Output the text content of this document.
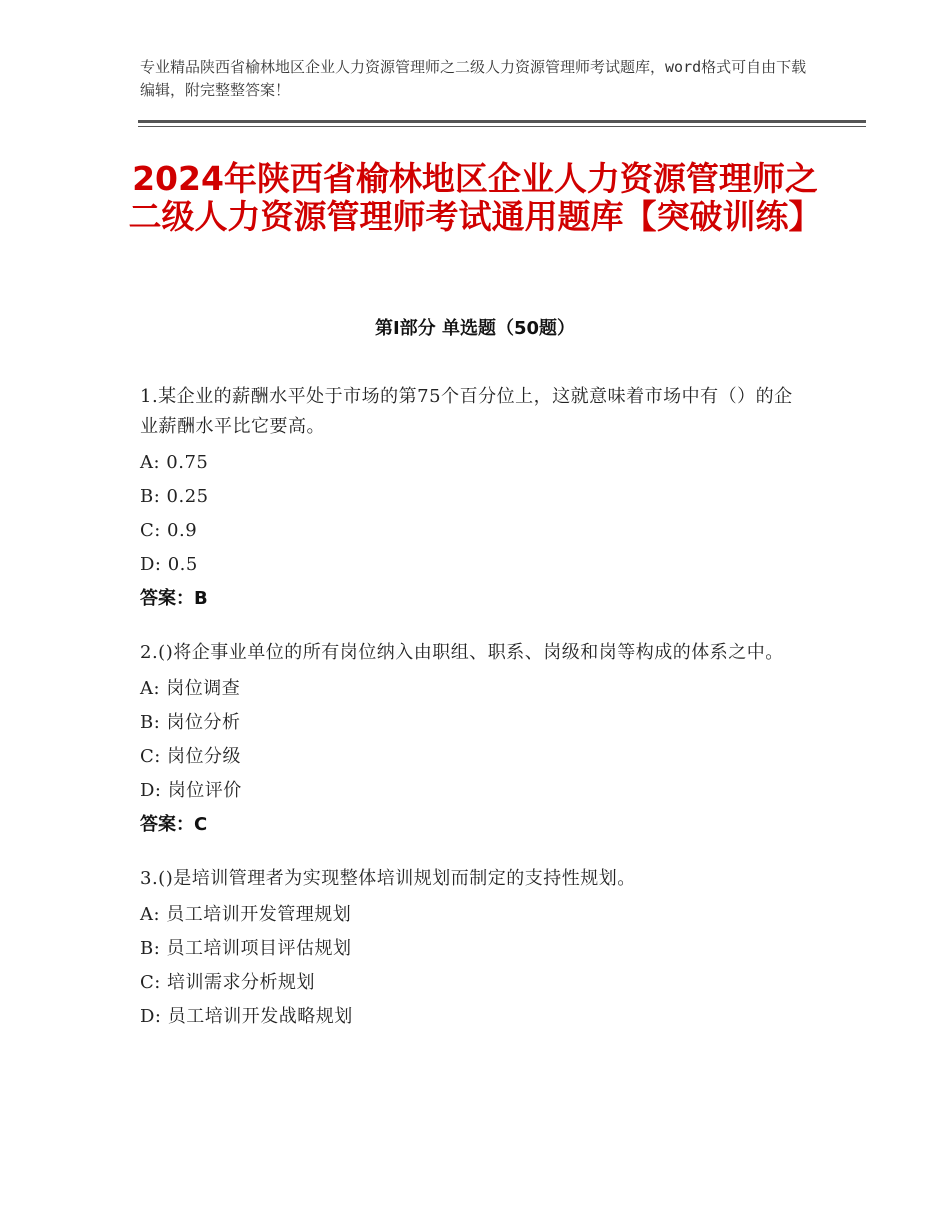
专业精品陕西省榆林地区企业人力资源管理师之二级人力资源管理师考试题库，word格式可自由下载编辑，附完整整答案！
2024年陕西省榆林地区企业人力资源管理师之二级人力资源管理师考试通用题库【突破训练】
第Ⅰ部分 单选题（50题）
1.某企业的薪酬水平处于市场的第75个百分位上，这就意味着市场中有（）的企业薪酬水平比它要高。
A: 0.75
B: 0.25
C: 0.9
D: 0.5
答案：B
2.()将企事业单位的所有岗位纳入由职组、职系、岗级和岗等构成的体系之中。
A: 岗位调查
B: 岗位分析
C: 岗位分级
D: 岗位评价
答案：C
3.()是培训管理者为实现整体培训规划而制定的支持性规划。
A: 员工培训开发管理规划
B: 员工培训项目评估规划
C: 培训需求分析规划
D: 员工培训开发战略规划
